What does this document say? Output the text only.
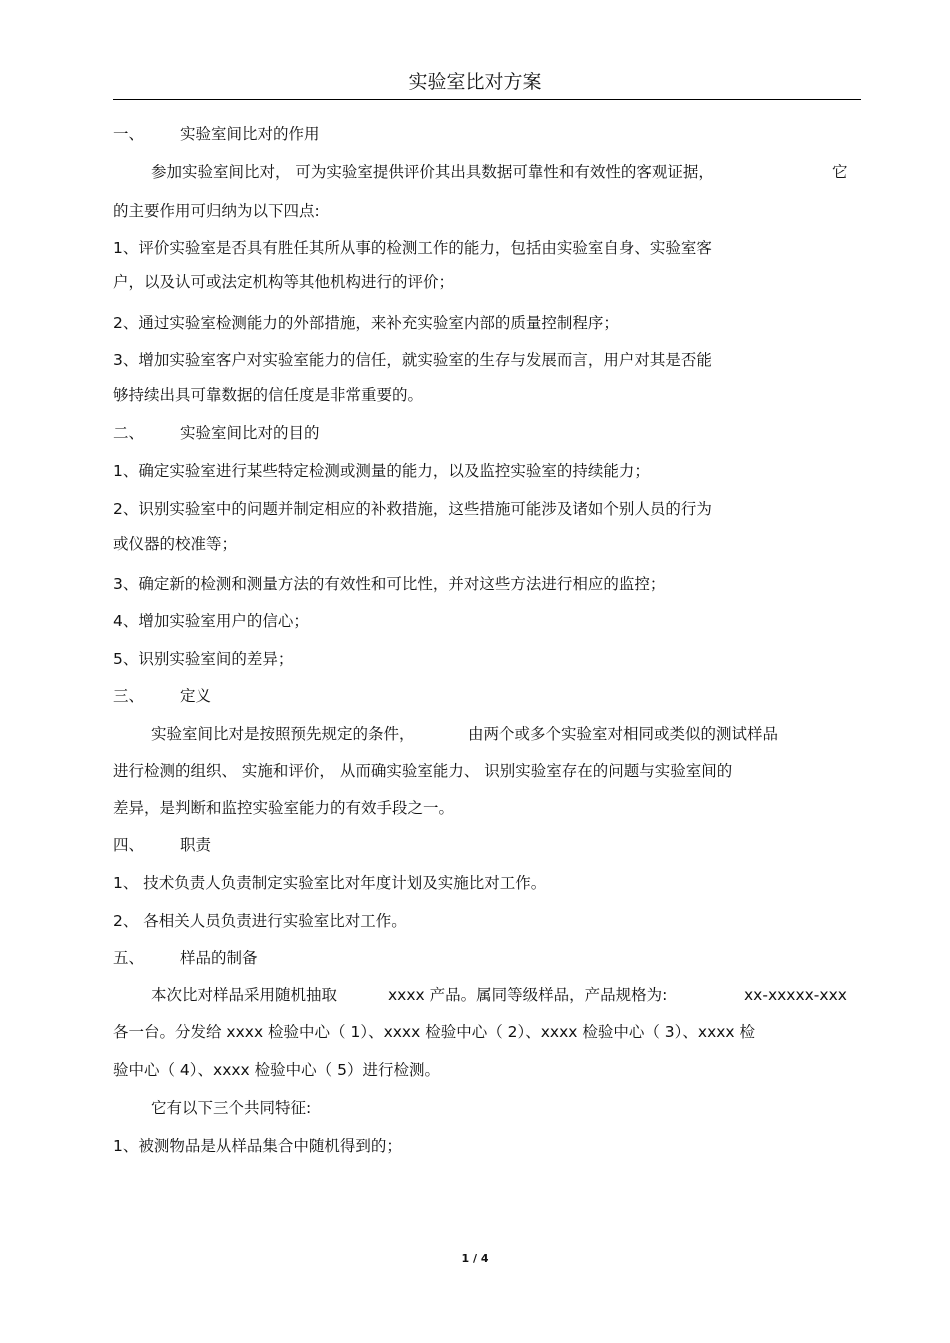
实验室比对方案
一、 实验室间比对的作用
参加实验室间比对， 可为实验室提供评价其出具数据可靠性和有效性的客观证据，	它
的主要作用可归纳为以下四点:
1、评价实验室是否具有胜任其所从事的检测工作的能力，包括由实验室自身、实验室客
户，以及认可或法定机构等其他机构进行的评价；
2、通过实验室检测能力的外部措施，来补充实验室内部的质量控制程序；
3、增加实验室客户对实验室能力的信任，就实验室的生存与发展而言，用户对其是否能
够持续出具可靠数据的信任度是非常重要的。
二、 实验室间比对的目的
1、确定实验室进行某些特定检测或测量的能力，以及监控实验室的持续能力；
2、识别实验室中的问题并制定相应的补救措施，这些措施可能涉及诸如个别人员的行为
或仪器的校准等；
3、确定新的检测和测量方法的有效性和可比性，并对这些方法进行相应的监控；
4、增加实验室用户的信心；
5、识别实验室间的差异；
三、 定义
实验室间比对是按照预先规定的条件，	由两个或多个实验室对相同或类似的测试样品
进行检测的组织、 实施和评价， 从而确实验室能力、 识别实验室存在的问题与实验室间的
差异，是判断和监控实验室能力的有效手段之一。
四、 职责
1、 技术负责人负责制定实验室比对年度计划及实施比对工作。
2、 各相关人员负责进行实验室比对工作。
五、 样品的制备
本次比对样品采用随机抽取	xxxx 产品。属同等级样品，产品规格为:	xx-xxxxx-xxx
各一台。分发给 xxxx 检验中心（ 1）、xxxx 检验中心（ 2）、xxxx 检验中心（ 3）、xxxx 检
验中心（ 4）、xxxx 检验中心（ 5）进行检测。
它有以下三个共同特征:
1、被测物品是从样品集合中随机得到的；
1 / 4
